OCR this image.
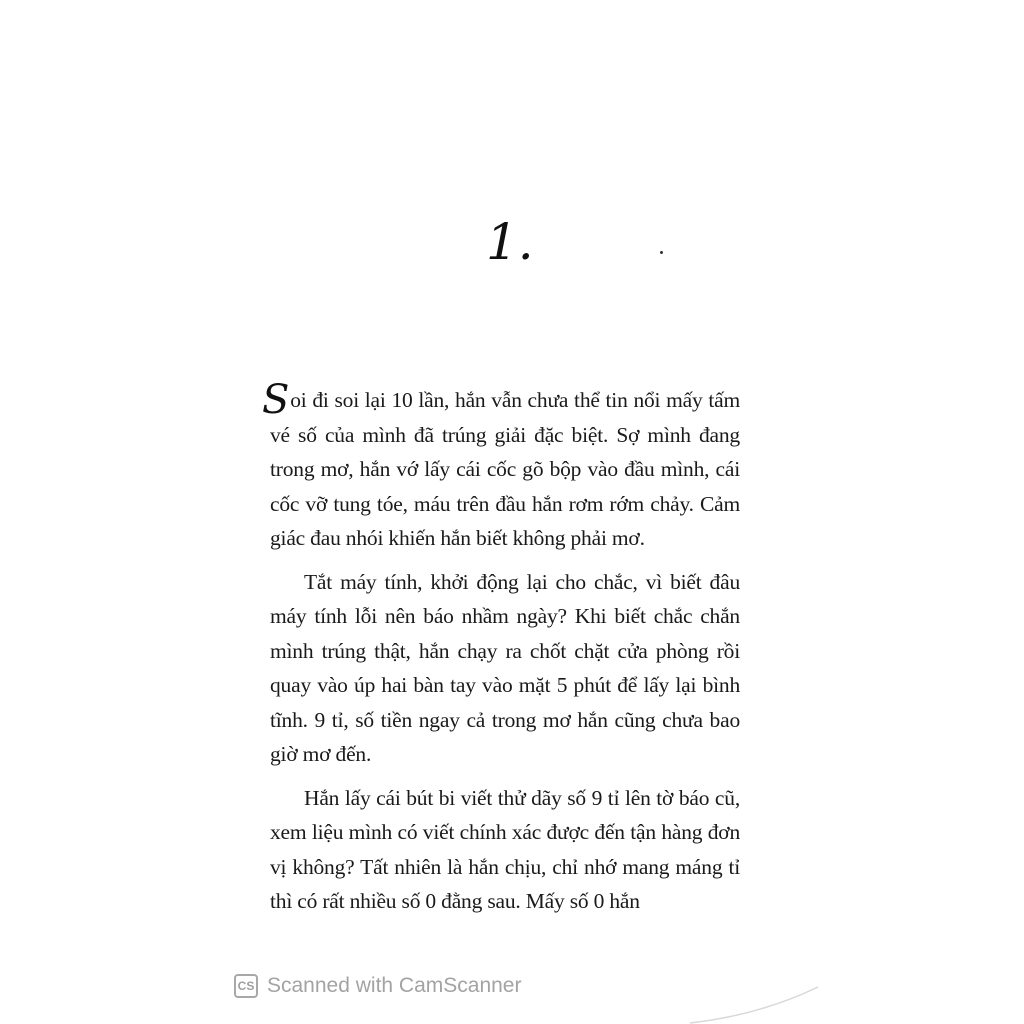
1.

Soi đi soi lại 10 lần, hắn vẫn chưa thể tin nổi mấy tấm vé số của mình đã trúng giải đặc biệt. Sợ mình đang trong mơ, hắn vớ lấy cái cốc gõ bộp vào đầu mình, cái cốc vỡ tung tóe, máu trên đầu hắn rơm rớm chảy. Cảm giác đau nhói khiến hắn biết không phải mơ.

Tắt máy tính, khởi động lại cho chắc, vì biết đâu máy tính lỗi nên báo nhầm ngày? Khi biết chắc chắn mình trúng thật, hắn chạy ra chốt chặt cửa phòng rồi quay vào úp hai bàn tay vào mặt 5 phút để lấy lại bình tĩnh. 9 tỉ, số tiền ngay cả trong mơ hắn cũng chưa bao giờ mơ đến.

Hắn lấy cái bút bi viết thử dãy số 9 tỉ lên tờ báo cũ, xem liệu mình có viết chính xác được đến tận hàng đơn vị không? Tất nhiên là hắn chịu, chỉ nhớ mang máng tỉ thì có rất nhiều số 0 đằng sau. Mấy số 0 hắn

CS Scanned with CamScanner
